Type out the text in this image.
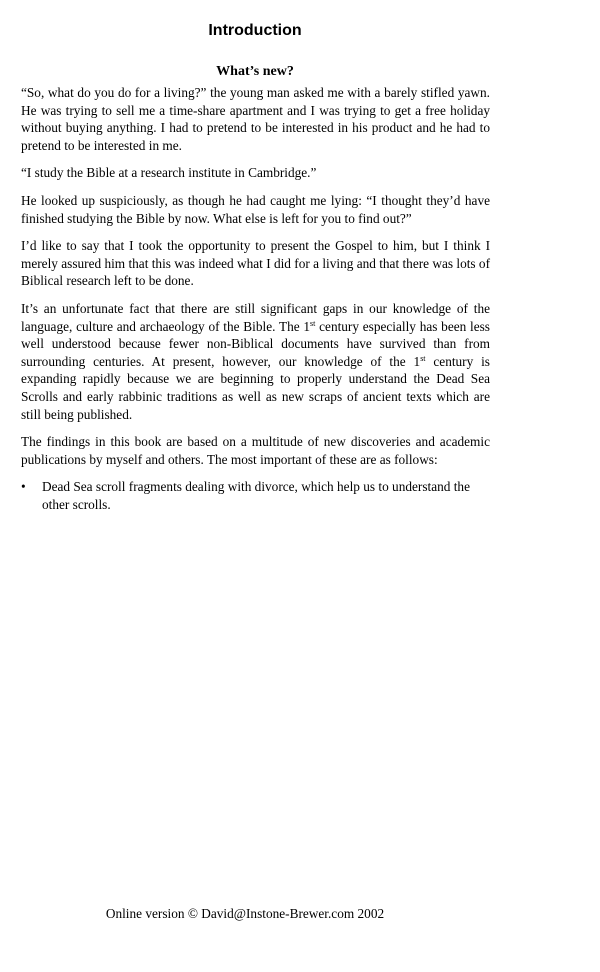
Introduction
What’s new?

“So, what do you do for a living?” the young man asked me with a barely stifled yawn. He was trying to sell me a time-share apartment and I was trying to get a free holiday without buying anything. I had to pretend to be interested in his product and he had to pretend to be interested in me.

“I study the Bible at a research institute in Cambridge.”

He looked up suspiciously, as though he had caught me lying: “I thought they’d have finished studying the Bible by now. What else is left for you to find out?”

I’d like to say that I took the opportunity to present the Gospel to him, but I think I merely assured him that this was indeed what I did for a living and that there was lots of Biblical research left to be done.

It’s an unfortunate fact that there are still significant gaps in our knowledge of the language, culture and archaeology of the Bible. The 1st century especially has been less well understood because fewer non-Biblical documents have survived than from surrounding centuries. At present, however, our knowledge of the 1st century is expanding rapidly because we are beginning to properly understand the Dead Sea Scrolls and early rabbinic traditions as well as new scraps of ancient texts which are still being published.

The findings in this book are based on a multitude of new discoveries and academic publications by myself and others. The most important of these are as follows:

• Dead Sea scroll fragments dealing with divorce, which help us to understand the other scrolls.
Online version © David@Instone-Brewer.com 2002
